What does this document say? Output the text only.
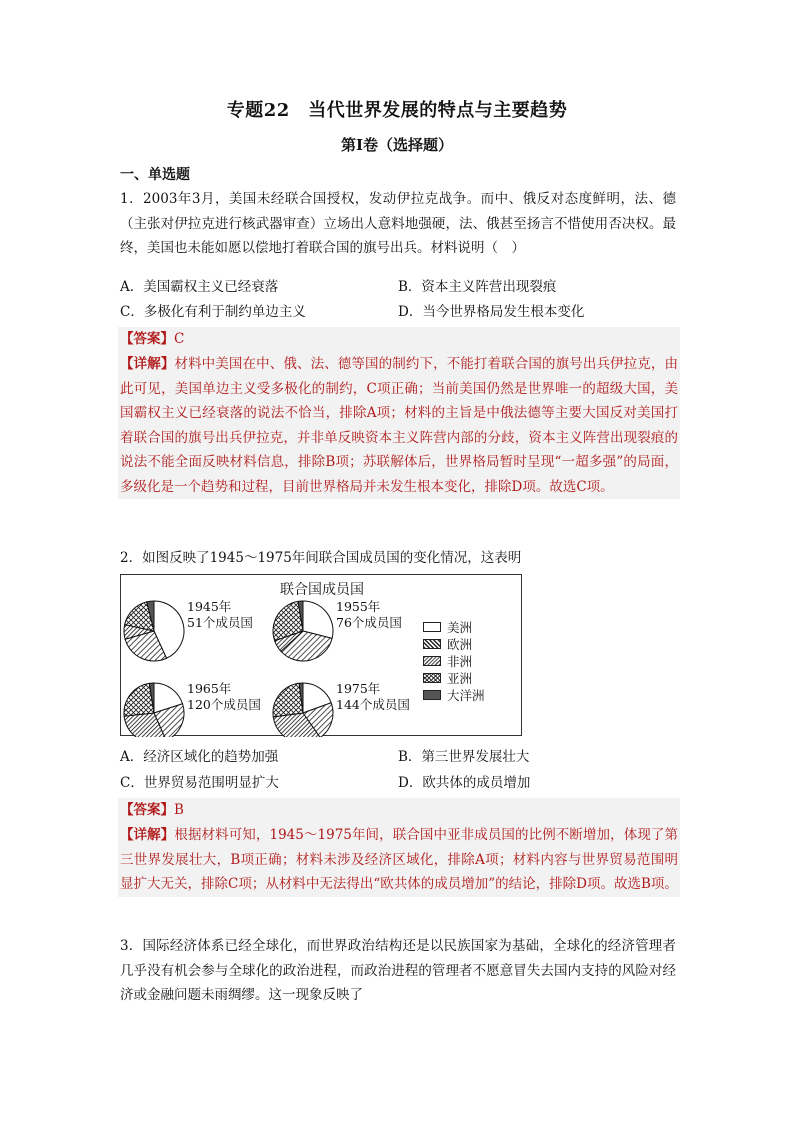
专题22　当代世界发展的特点与主要趋势
第Ⅰ卷（选择题）
一、单选题
1．2003年3月，美国未经联合国授权，发动伊拉克战争。而中、俄反对态度鲜明，法、德（主张对伊拉克进行核武器审查）立场出人意料地强硬，法、俄甚至扬言不惜使用否决权。最终，美国也未能如愿以偿地打着联合国的旗号出兵。材料说明（　）
A．美国霸权主义已经衰落	B．资本主义阵营出现裂痕
C．多极化有利于制约单边主义	D．当今世界格局发生根本变化
【答案】C
【详解】材料中美国在中、俄、法、德等国的制约下，不能打着联合国的旗号出兵伊拉克，由此可见，美国单边主义受多极化的制约，C项正确；当前美国仍然是世界唯一的超级大国，美国霸权主义已经衰落的说法不恰当，排除A项；材料的主旨是中俄法德等主要大国反对美国打着联合国的旗号出兵伊拉克，并非单反映资本主义阵营内部的分歧，资本主义阵营出现裂痕的说法不能全面反映材料信息，排除B项；苏联解体后，世界格局暂时呈现“一超多强”的局面，多级化是一个趋势和过程，目前世界格局并未发生根本变化，排除D项。故选C项。
2．如图反映了1945～1975年间联合国成员国的变化情况，这表明
联合国成员国
1945年
51个成员国
1955年
76个成员国
1965年
120个成员国
1975年
144个成员国
美洲
欧洲
非洲
亚洲
大洋洲
A．经济区域化的趋势加强	B．第三世界发展壮大
C．世界贸易范围明显扩大	D．欧共体的成员增加
【答案】B
【详解】根据材料可知，1945～1975年间，联合国中亚非成员国的比例不断增加，体现了第三世界发展壮大，B项正确；材料未涉及经济区域化，排除A项；材料内容与世界贸易范围明显扩大无关，排除C项；从材料中无法得出“欧共体的成员增加”的结论，排除D项。故选B项。
3．国际经济体系已经全球化，而世界政治结构还是以民族国家为基础，全球化的经济管理者几乎没有机会参与全球化的政治进程，而政治进程的管理者不愿意冒失去国内支持的风险对经济或金融问题未雨绸缪。这一现象反映了
